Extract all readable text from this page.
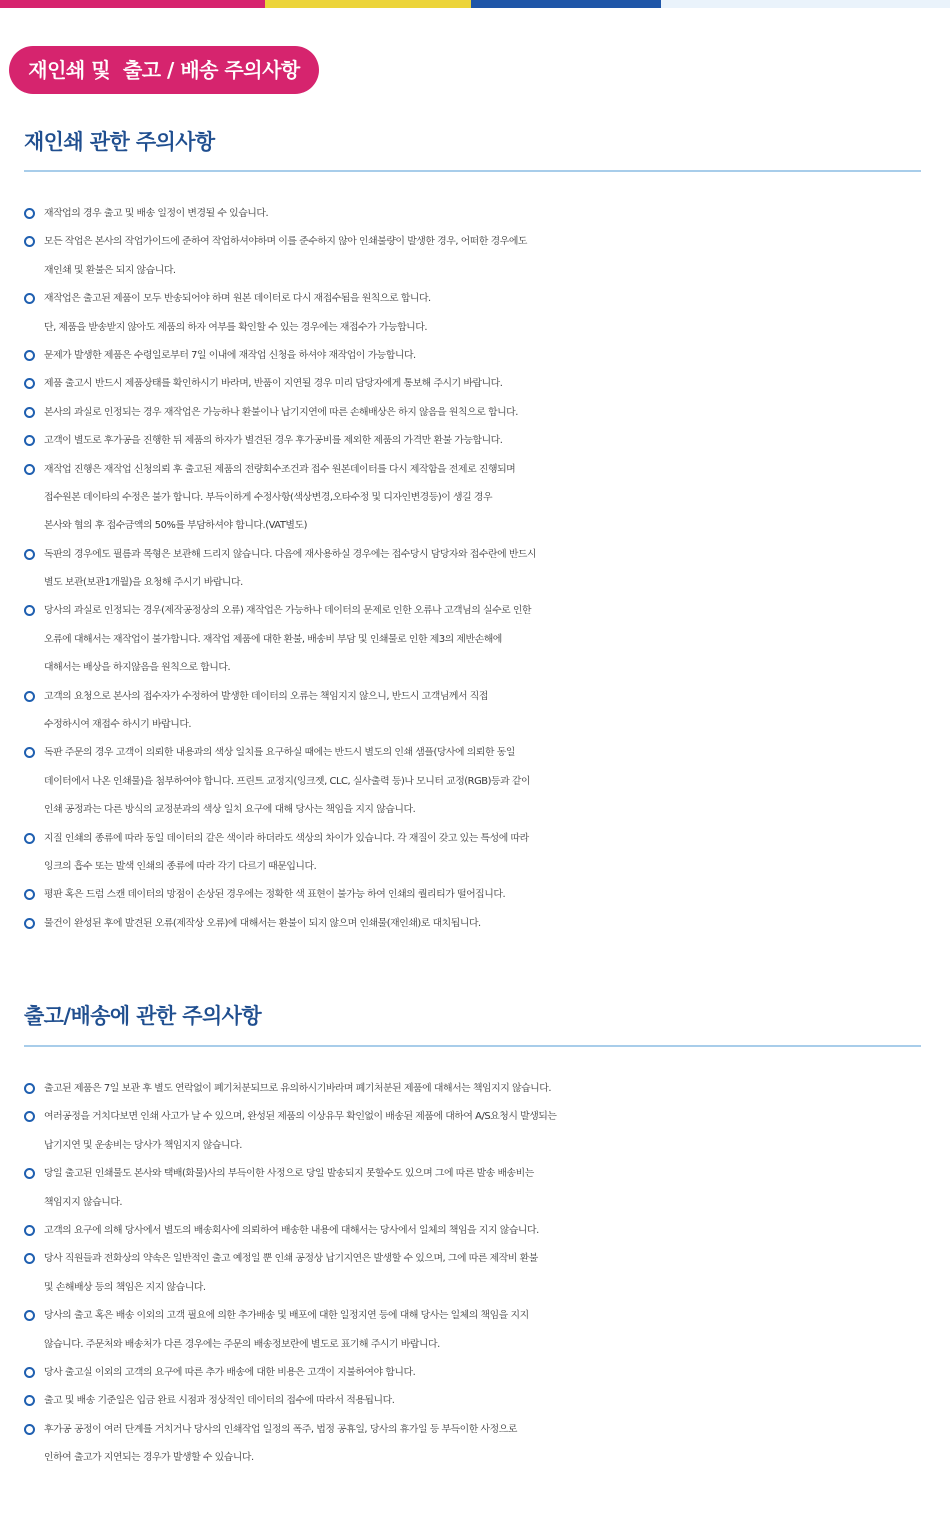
재인쇄 및  출고 / 배송 주의사항
재인쇄 관한 주의사항
재작업의 경우 출고 및 배송 일정이 변경될 수 있습니다.
모든 작업은 본사의 작업가이드에 준하여 작업하셔야하며 이를 준수하지 않아 인쇄불량이 발생한 경우, 어떠한 경우에도
재인쇄 및 환불은 되지 않습니다.
재작업은 출고된 제품이 모두 반송되어야 하며 원본 데이터로 다시 재접수됨을 원칙으로 합니다.
단, 제품을 받송받지 않아도 제품의 하자 여부를 확인할 수 있는 경우에는 재접수가 가능합니다.
문제가 발생한 제품은 수령일로부터 7일 이내에 재작업 신청을 하셔야 재작업이 가능합니다.
제품 출고시 반드시 제품상태를 확인하시기 바라며, 반품이 지연될 경우 미리 담당자에게 통보해 주시기 바랍니다.
본사의 과실로 인정되는 경우 재작업은 가능하나 환불이나 납기지연에 따른 손해배상은 하지 않음을 원칙으로 합니다.
고객이 별도로 후가공을 진행한 뒤 제품의 하자가 별견된 경우 후가공비를 제외한 제품의 가격만 환불 가능합니다.
재작업 진행은 재작업 신청의뢰 후 출고된 제품의 전량회수조건과 접수 원본데이터를 다시 제작함을 전제로 진행되며
접수원본 데이타의 수정은 불가 합니다. 부득이하게 수정사항(색상변경,오타수정 및 디자인변경등)이 생길 경우
본사와 협의 후 접수금액의 50%를 부담하셔야 합니다.(VAT별도)
독판의 경우에도 필름과 목형은 보관해 드리지 않습니다. 다음에 재사용하실 경우에는 접수당시 담당자와 접수란에 반드시
별도 보관(보관1개월)을 요청해 주시기 바랍니다.
당사의 과실로 인정되는 경우(제작공정상의 오류) 재작업은 가능하나 데이터의 문제로 인한 오류나 고객님의 실수로 인한
오류에 대해서는 재작업이 불가합니다. 재작업 제품에 대한 환불, 배송비 부담 및 인쇄물로 인한 제3의 제반손해에
대해서는 배상을 하지않음을 원칙으로 합니다.
고객의 요청으로 본사의 접수자가 수정하여 발생한 데이터의 오류는 책임지지 않으니, 반드시 고객님께서 직접
수정하시여 재접수 하시기 바랍니다.
독판 주문의 경우 고객이 의뢰한 내용과의 색상 일치를 요구하실 때에는 반드시 별도의 인쇄 샘플(당사에 의뢰한 동일
데이터에서 나온 인쇄물)을 첨부하여야 합니다. 프린트 교정지(잉크젯, CLC, 실사출력 등)나 모니터 교정(RGB)등과 같이
인쇄 공정과는 다른 방식의 교정분과의 색상 일치 요구에 대해 당사는 책임을 지지 않습니다.
지질 인쇄의 종류에 따라 동일 데이터의 같은 색이라 하더라도 색상의 차이가 있습니다. 각 재질이 갖고 있는 특성에 따라
잉크의 흡수 또는 발색 인쇄의 종류에 따라 각기 다르기 때문입니다.
평판 혹은 드럼 스캔 데이터의 망점이 손상된 경우에는 정확한 색 표현이 불가능 하여 인쇄의 퀄리티가 떨어집니다.
물건이 완성된 후에 발견된 오류(제작상 오류)에 대해서는 환불이 되지 않으며 인쇄물(재인쇄)로 대치됩니다.
출고/배송에 관한 주의사항
출고된 제품은 7일 보관 후 별도 연락없이 폐기처분되므로 유의하시기바라며 폐기처분된 제품에 대해서는 책임지지 않습니다.
여러공정을 거치다보면 인쇄 사고가 날 수 있으며, 완성된 제품의 이상유무 확인없이 배송된 제품에 대하여 A/S요청시 발생되는
납기지연 및 운송비는 당사가 책임지지 않습니다.
당일 출고된 인쇄물도 본사와 택배(화물)사의 부득이한 사정으로 당일 발송되지 못할수도 있으며 그에 따른 발송 배송비는
책임지지 않습니다.
고객의 요구에 의해 당사에서 별도의 배송회사에 의뢰하여 배송한 내용에 대해서는 당사에서 일체의 책임을 지지 않습니다.
당사 직원들과 전화상의 약속은 일반적인 출고 예정일 뿐 인쇄 공정상 납기지연은 발생할 수 있으며, 그에 따른 제작비 환불
및 손해배상 등의 책임은 지지 않습니다.
당사의 출고 혹은 배송 이외의 고객 필요에 의한 추가배송 및 배포에 대한 일정지연 등에 대해 당사는 일체의 책임을 지지
않습니다. 주문처와 배송처가 다른 경우에는 주문의 배송정보란에 별도로 표기해 주시기 바랍니다.
당사 출고실 이외의 고객의 요구에 따른 추가 배송에 대한 비용은 고객이 지불하여야 합니다.
출고 및 배송 기준일은 입금 완료 시점과 정상적인 데이터의 접수에 따라서 적용됩니다.
후가공 공정이 여러 단계를 거치거나 당사의 인쇄작업 일정의 폭주, 법정 공휴일, 당사의 휴가일 등 부득이한 사정으로
인하여 출고가 지연되는 경우가 발생할 수 있습니다.
